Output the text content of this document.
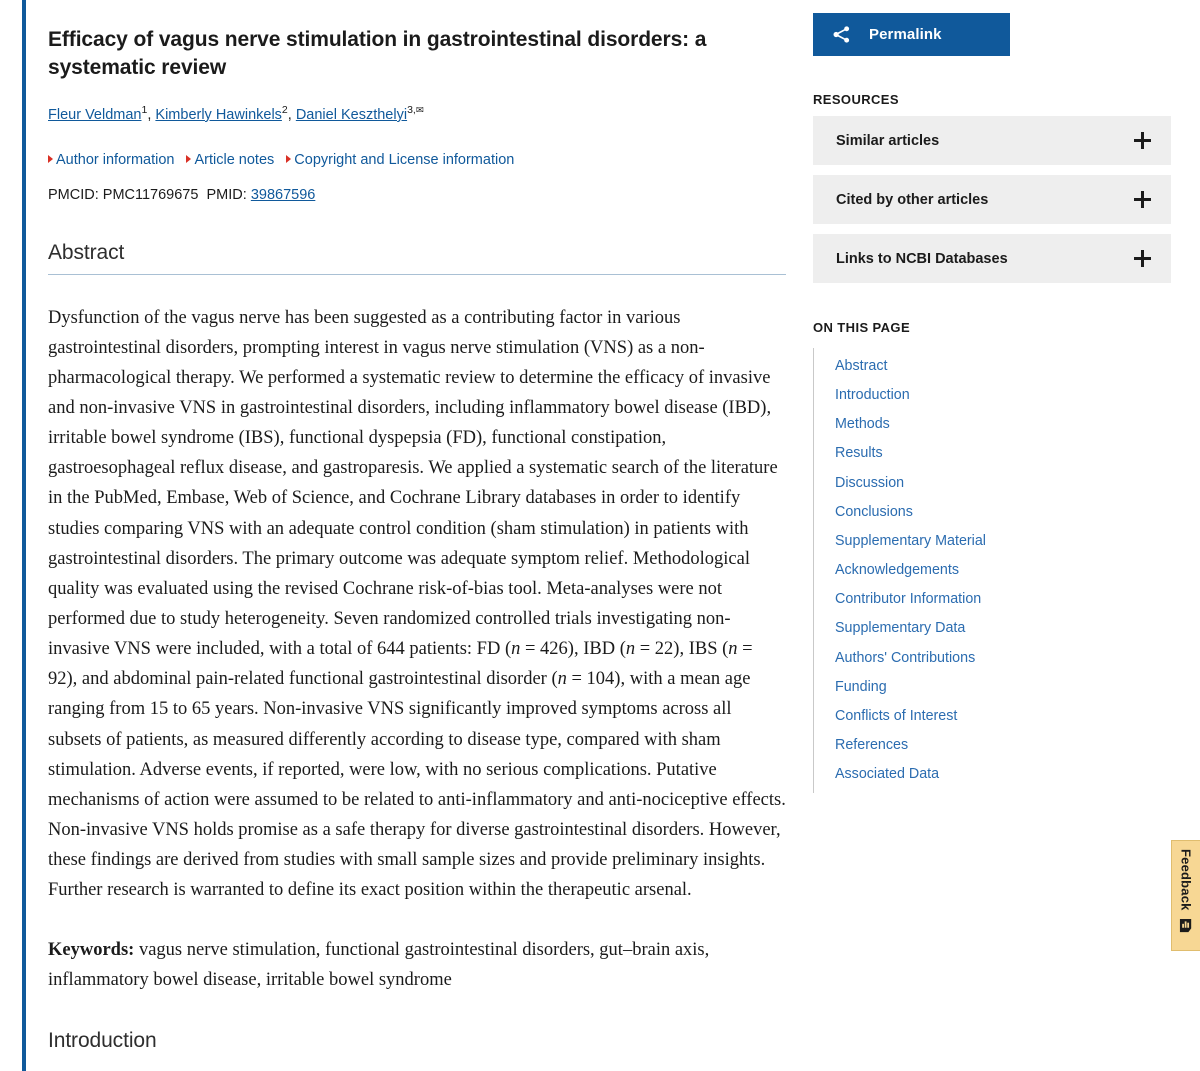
Efficacy of vagus nerve stimulation in gastrointestinal disorders: a systematic review
Fleur Veldman$^1$, Kimberly Hawinkels$^2$, Daniel Keszthelyi$^{3,✉}$
Author information Article notes Copyright and License information
PMCID: PMC11769675 PMID: 39867596
Abstract
Dysfunction of the vagus nerve has been suggested as a contributing factor in various gastrointestinal disorders, prompting interest in vagus nerve stimulation (VNS) as a non-pharmacological therapy. We performed a systematic review to determine the efficacy of invasive and non-invasive VNS in gastrointestinal disorders, including inflammatory bowel disease (IBD), irritable bowel syndrome (IBS), functional dyspepsia (FD), functional constipation, gastroesophageal reflux disease, and gastroparesis. We applied a systematic search of the literature in the PubMed, Embase, Web of Science, and Cochrane Library databases in order to identify studies comparing VNS with an adequate control condition (sham stimulation) in patients with gastrointestinal disorders. The primary outcome was adequate symptom relief. Methodological quality was evaluated using the revised Cochrane risk-of-bias tool. Meta-analyses were not performed due to study heterogeneity. Seven randomized controlled trials investigating non-invasive VNS were included, with a total of 644 patients: FD (n = 426), IBD (n = 22), IBS (n = 92), and abdominal pain-related functional gastrointestinal disorder (n = 104), with a mean age ranging from 15 to 65 years. Non-invasive VNS significantly improved symptoms across all subsets of patients, as measured differently according to disease type, compared with sham stimulation. Adverse events, if reported, were low, with no serious complications. Putative mechanisms of action were assumed to be related to anti-inflammatory and anti-nociceptive effects. Non-invasive VNS holds promise as a safe therapy for diverse gastrointestinal disorders. However, these findings are derived from studies with small sample sizes and provide preliminary insights. Further research is warranted to define its exact position within the therapeutic arsenal.
Keywords: vagus nerve stimulation, functional gastrointestinal disorders, gut–brain axis, inflammatory bowel disease, irritable bowel syndrome
Introduction
Permalink
RESOURCES
Similar articles
Cited by other articles
Links to NCBI Databases
ON THIS PAGE
Abstract
Introduction
Methods
Results
Discussion
Conclusions
Supplementary Material
Acknowledgements
Contributor Information
Supplementary Data
Authors' Contributions
Funding
Conflicts of Interest
References
Associated Data
Feedback
